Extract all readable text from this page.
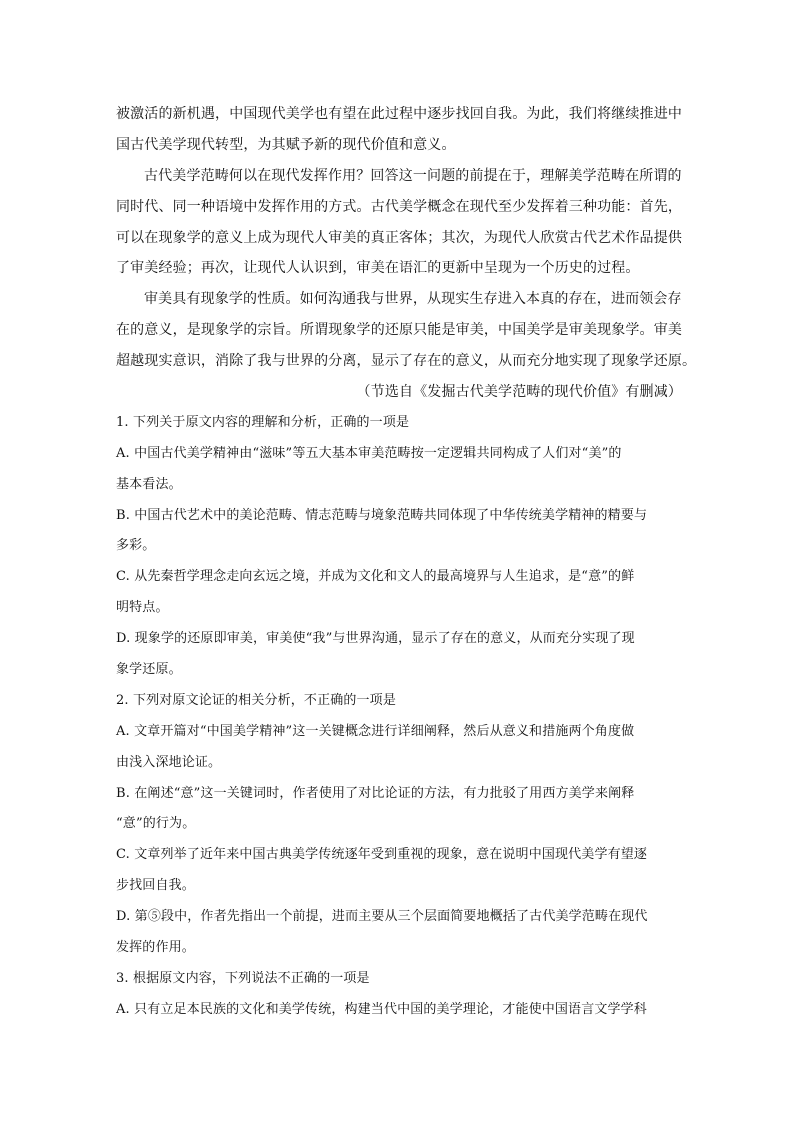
被激活的新机遇，中国现代美学也有望在此过程中逐步找回自我。为此，我们将继续推进中
国古代美学现代转型，为其赋予新的现代价值和意义。
古代美学范畴何以在现代发挥作用？回答这一问题的前提在于，理解美学范畴在所谓的
同时代、同一种语境中发挥作用的方式。古代美学概念在现代至少发挥着三种功能：首先，
可以在现象学的意义上成为现代人审美的真正客体；其次，为现代人欣赏古代艺术作品提供
了审美经验；再次，让现代人认识到，审美在语汇的更新中呈现为一个历史的过程。
审美具有现象学的性质。如何沟通我与世界，从现实生存进入本真的存在，进而领会存
在的意义，是现象学的宗旨。所谓现象学的还原只能是审美，中国美学是审美现象学。审美
超越现实意识，消除了我与世界的分离，显示了存在的意义，从而充分地实现了现象学还原。
（节选自《发掘古代美学范畴的现代价值》有删减）
1. 下列关于原文内容的理解和分析，正确的一项是
A. 中国古代美学精神由“滋味”等五大基本审美范畴按一定逻辑共同构成了人们对“美”的
基本看法。
B. 中国古代艺术中的美论范畴、情志范畴与境象范畴共同体现了中华传统美学精神的精要与
多彩。
C. 从先秦哲学理念走向玄远之境，并成为文化和文人的最高境界与人生追求，是“意”的鲜
明特点。
D. 现象学的还原即审美，审美使“我”与世界沟通，显示了存在的意义，从而充分实现了现
象学还原。
2. 下列对原文论证的相关分析，不正确的一项是
A. 文章开篇对“中国美学精神”这一关键概念进行详细阐释，然后从意义和措施两个角度做
由浅入深地论证。
B. 在阐述“意”这一关键词时，作者使用了对比论证的方法，有力批驳了用西方美学来阐释
“意”的行为。
C. 文章列举了近年来中国古典美学传统逐年受到重视的现象，意在说明中国现代美学有望逐
步找回自我。
D. 第⑤段中，作者先指出一个前提，进而主要从三个层面简要地概括了古代美学范畴在现代
发挥的作用。
3. 根据原文内容，下列说法不正确的一项是
A. 只有立足本民族的文化和美学传统，构建当代中国的美学理论，才能使中国语言文学学科
